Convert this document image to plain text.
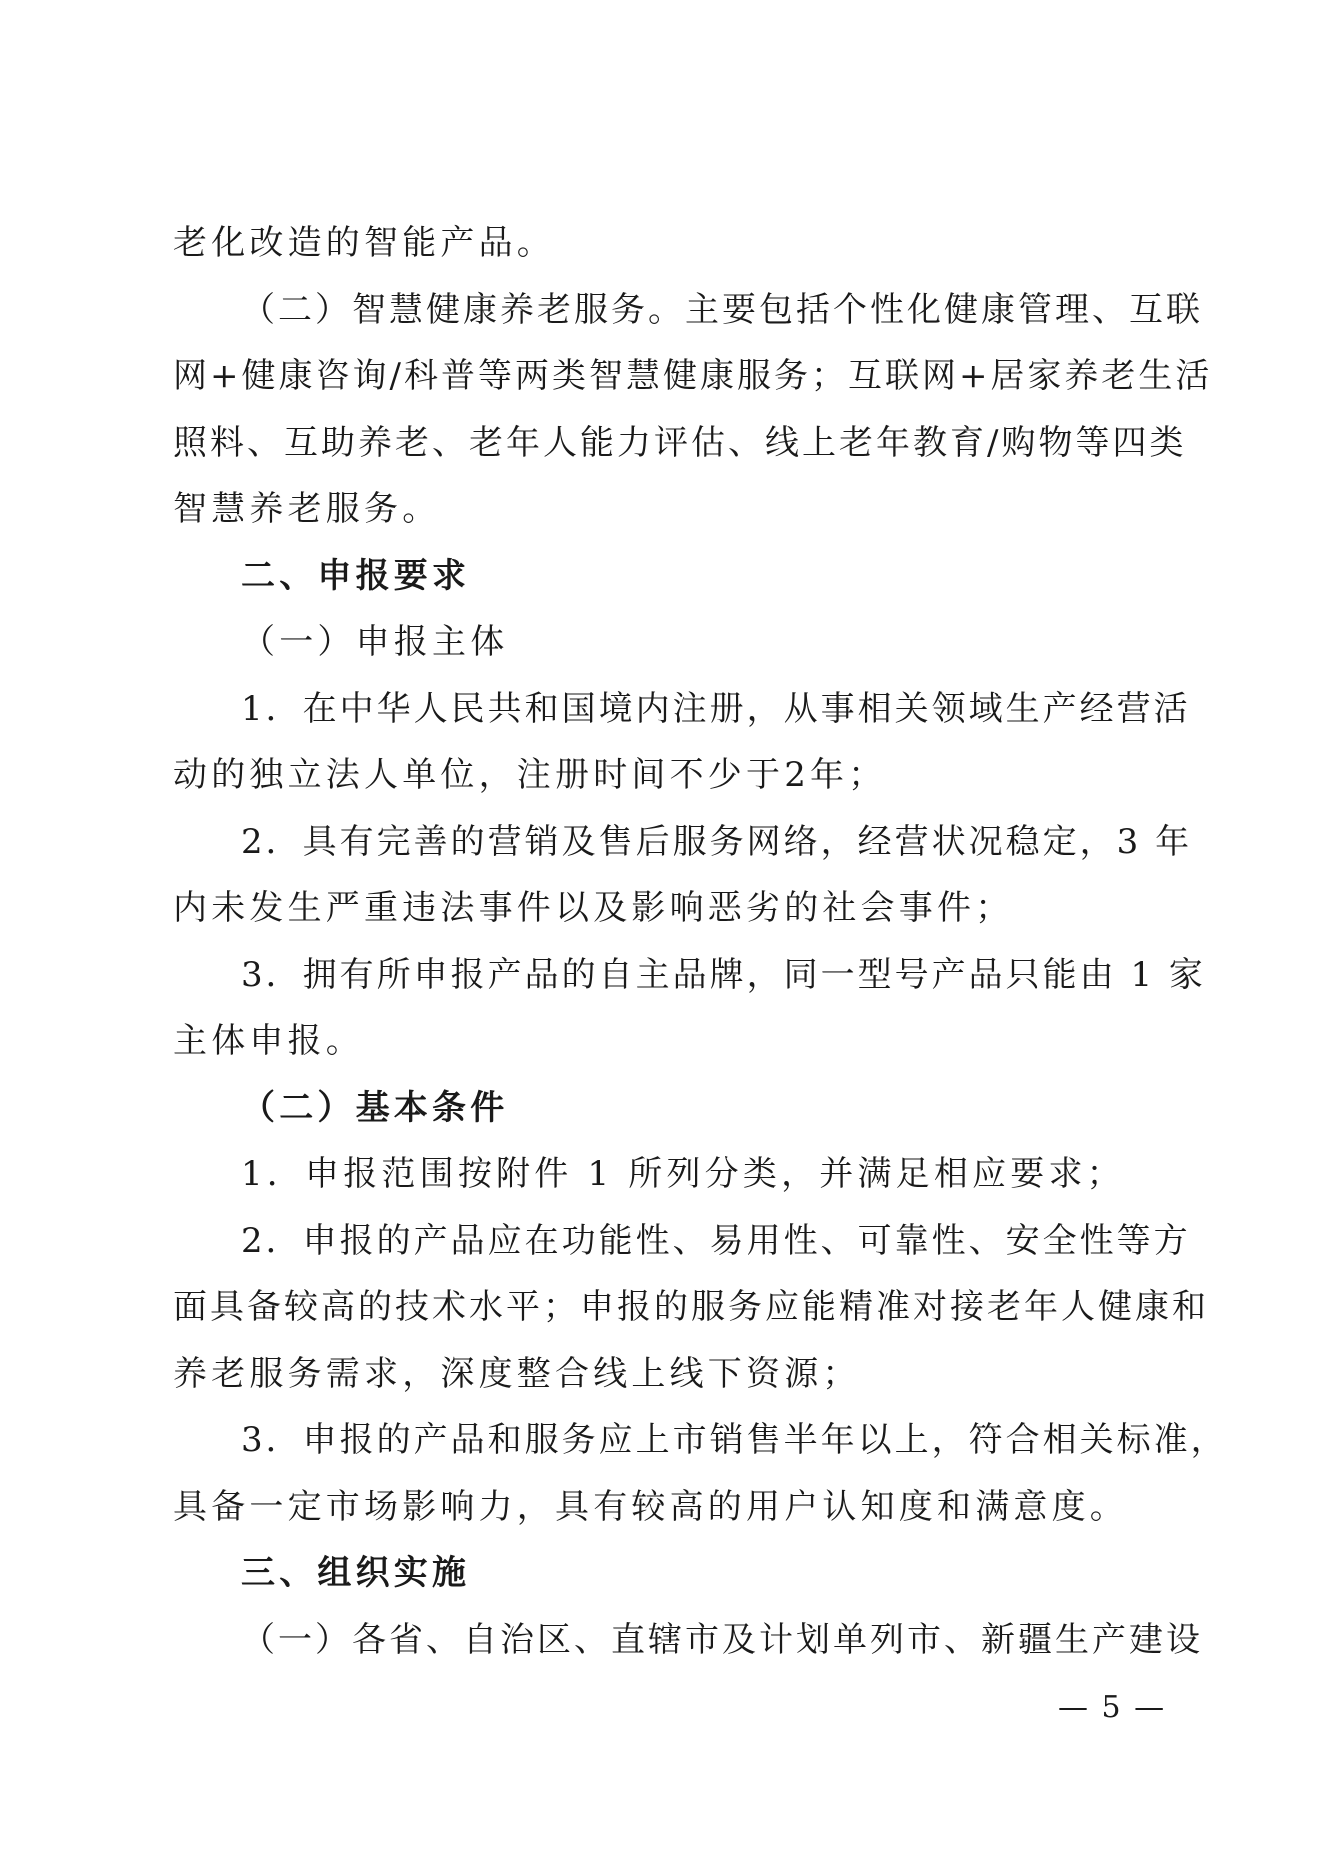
老化改造的智能产品。
（二）智慧健康养老服务。主要包括个性化健康管理、互联
网+健康咨询/科普等两类智慧健康服务；互联网+居家养老生活
照料、互助养老、老年人能力评估、线上老年教育/购物等四类
智慧养老服务。
二、申报要求
（一）申报主体
1．在中华人民共和国境内注册，从事相关领域生产经营活
动的独立法人单位，注册时间不少于2年；
2．具有完善的营销及售后服务网络，经营状况稳定，3 年
内未发生严重违法事件以及影响恶劣的社会事件；
3．拥有所申报产品的自主品牌，同一型号产品只能由 1 家
主体申报。
（二）基本条件
1．申报范围按附件 1 所列分类，并满足相应要求；
2．申报的产品应在功能性、易用性、可靠性、安全性等方
面具备较高的技术水平；申报的服务应能精准对接老年人健康和
养老服务需求，深度整合线上线下资源；
3．申报的产品和服务应上市销售半年以上，符合相关标准，
具备一定市场影响力，具有较高的用户认知度和满意度。
三、组织实施
（一）各省、自治区、直辖市及计划单列市、新疆生产建设
— 5 —
